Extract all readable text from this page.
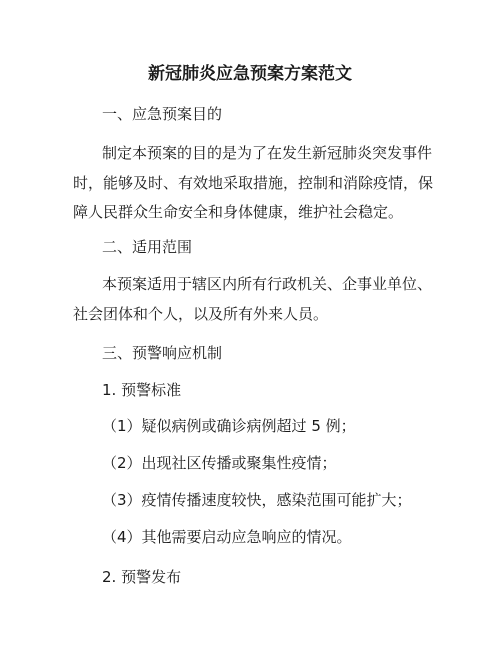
新冠肺炎应急预案方案范文
一、应急预案目的
制定本预案的目的是为了在发生新冠肺炎突发事件
时，能够及时、有效地采取措施，控制和消除疫情，保
障人民群众生命安全和身体健康，维护社会稳定。
二、适用范围
本预案适用于辖区内所有行政机关、企事业单位、
社会团体和个人，以及所有外来人员。
三、预警响应机制
1. 预警标准
（1）疑似病例或确诊病例超过 5 例；
（2）出现社区传播或聚集性疫情；
（3）疫情传播速度较快，感染范围可能扩大；
（4）其他需要启动应急响应的情况。
2. 预警发布
